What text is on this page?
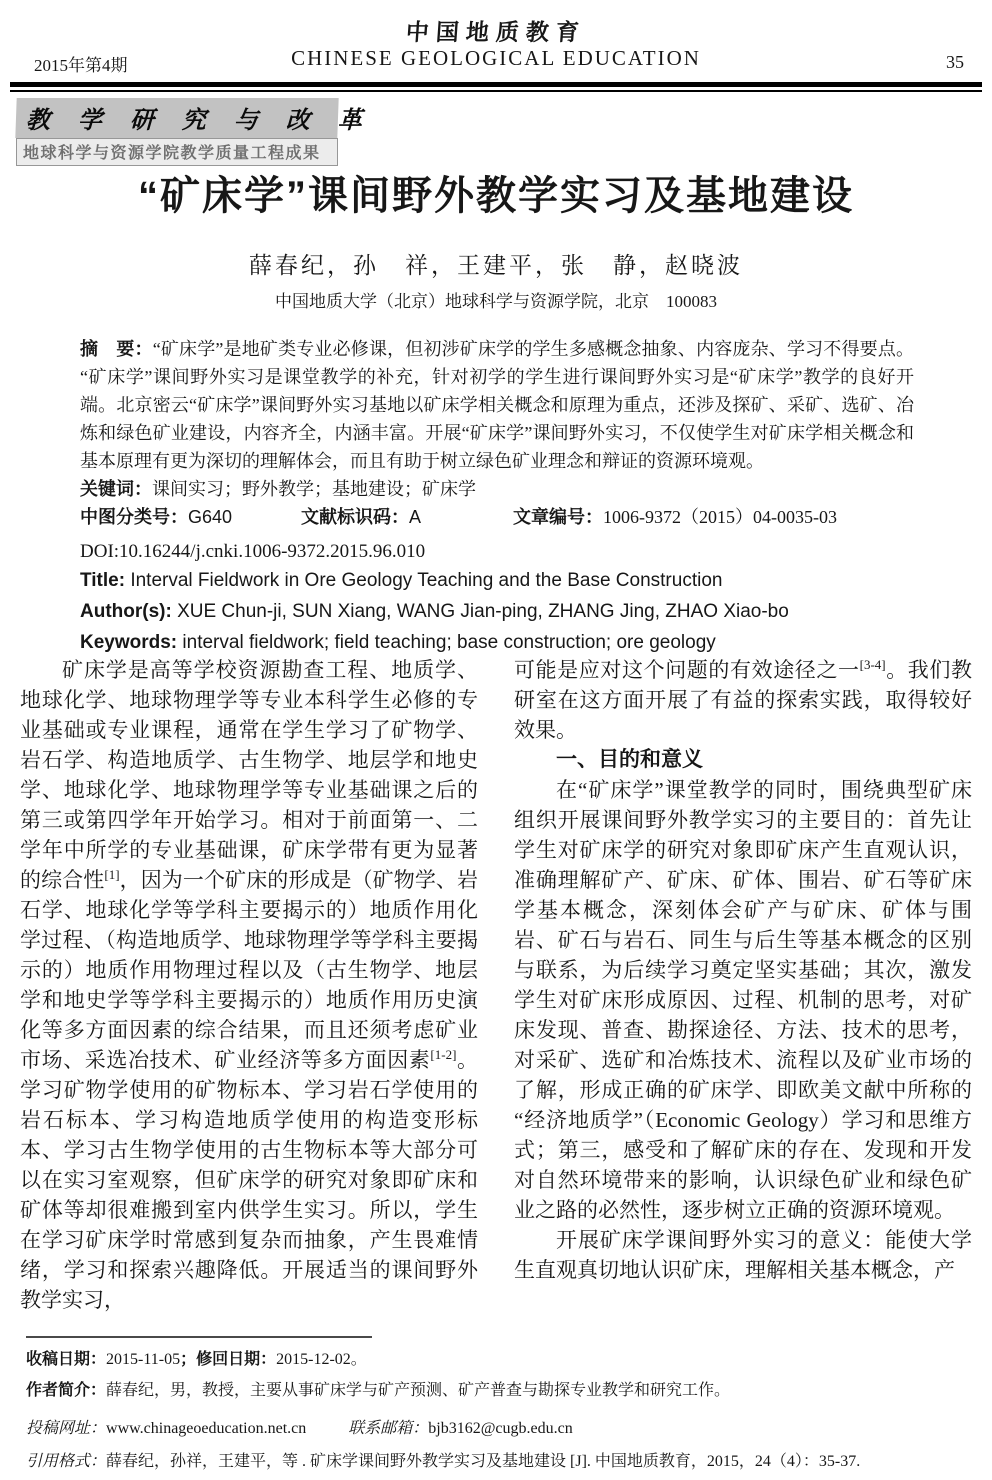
中国地质教育
CHINESE GEOLOGICAL EDUCATION
2015年第4期	35
教 学 研 究 与 改 革
地球科学与资源学院教学质量工程成果
“矿床学”课间野外教学实习及基地建设
薛春纪，孙　祥，王建平，张　静，赵晓波
中国地质大学（北京）地球科学与资源学院，北京　100083

摘　要：“矿床学”是地矿类专业必修课，但初涉矿床学的学生多感概念抽象、内容庞杂、学习不得要点。“矿床学”课间野外实习是课堂教学的补充，针对初学的学生进行课间野外实习是“矿床学”教学的良好开端。北京密云“矿床学”课间野外实习基地以矿床学相关概念和原理为重点，还涉及探矿、采矿、选矿、冶炼和绿色矿业建设，内容齐全，内涵丰富。开展“矿床学”课间野外实习，不仅使学生对矿床学相关概念和基本原理有更为深切的理解体会，而且有助于树立绿色矿业理念和辩证的资源环境观。

关键词：课间实习；野外教学；基地建设；矿床学
中图分类号：G640	文献标识码：A	文章编号：1006-9372（2015）04-0035-03
DOI:10.16244/j.cnki.1006-9372.2015.96.010
Title: Interval Fieldwork in Ore Geology Teaching and the Base Construction
Author(s): XUE Chun-ji, SUN Xiang, WANG Jian-ping, ZHANG Jing, ZHAO Xiao-bo
Keywords: interval fieldwork; field teaching; base construction; ore geology

矿床学是高等学校资源勘查工程、地质学、地球化学、地球物理学等专业本科学生必修的专业基础或专业课程，通常在学生学习了矿物学、岩石学、构造地质学、古生物学、地层学和地史学、地球化学、地球物理学等专业基础课之后的第三或第四学年开始学习。相对于前面第一、二学年中所学的专业基础课，矿床学带有更为显著的综合性[1]，因为一个矿床的形成是（矿物学、岩石学、地球化学等学科主要揭示的）地质作用化学过程、（构造地质学、地球物理学等学科主要揭示的）地质作用物理过程以及（古生物学、地层学和地史学等学科主要揭示的）地质作用历史演化等多方面因素的综合结果，而且还须考虑矿业市场、采选冶技术、矿业经济等多方面因素[1-2]。学习矿物学使用的矿物标本、学习岩石学使用的岩石标本、学习构造地质学使用的构造变形标本、学习古生物学使用的古生物标本等大部分可以在实习室观察，但矿床学的研究对象即矿床和矿体等却很难搬到室内供学生实习。所以，学生在学习矿床学时常感到复杂而抽象，产生畏难情绪，学习和探索兴趣降低。开展适当的课间野外教学实习，

可能是应对这个问题的有效途径之一[3-4]。我们教研室在这方面开展了有益的探索实践，取得较好效果。

一、目的和意义

在“矿床学”课堂教学的同时，围绕典型矿床组织开展课间野外教学实习的主要目的：首先让学生对矿床学的研究对象即矿床产生直观认识，准确理解矿产、矿床、矿体、围岩、矿石等矿床学基本概念，深刻体会矿产与矿床、矿体与围岩、矿石与岩石、同生与后生等基本概念的区别与联系，为后续学习奠定坚实基础；其次，激发学生对矿床形成原因、过程、机制的思考，对矿床发现、普查、勘探途径、方法、技术的思考，对采矿、选矿和冶炼技术、流程以及矿业市场的了解，形成正确的矿床学、即欧美文献中所称的“经济地质学”（Economic Geology）学习和思维方式；第三，感受和了解矿床的存在、发现和开发对自然环境带来的影响，认识绿色矿业和绿色矿业之路的必然性，逐步树立正确的资源环境观。

开展矿床学课间野外实习的意义：能使大学生直观真切地认识矿床，理解相关基本概念，产

收稿日期：2015-11-05；修回日期：2015-12-02。
作者简介：薛春纪，男，教授，主要从事矿床学与矿产预测、矿产普查与勘探专业教学和研究工作。
投稿网址：www.chinageoeducation.net.cn	联系邮箱：bjb3162@cugb.edu.cn
引用格式：薛春纪，孙祥，王建平，等 . 矿床学课间野外教学实习及基地建设 [J]. 中国地质教育，2015，24（4）：35-37.
